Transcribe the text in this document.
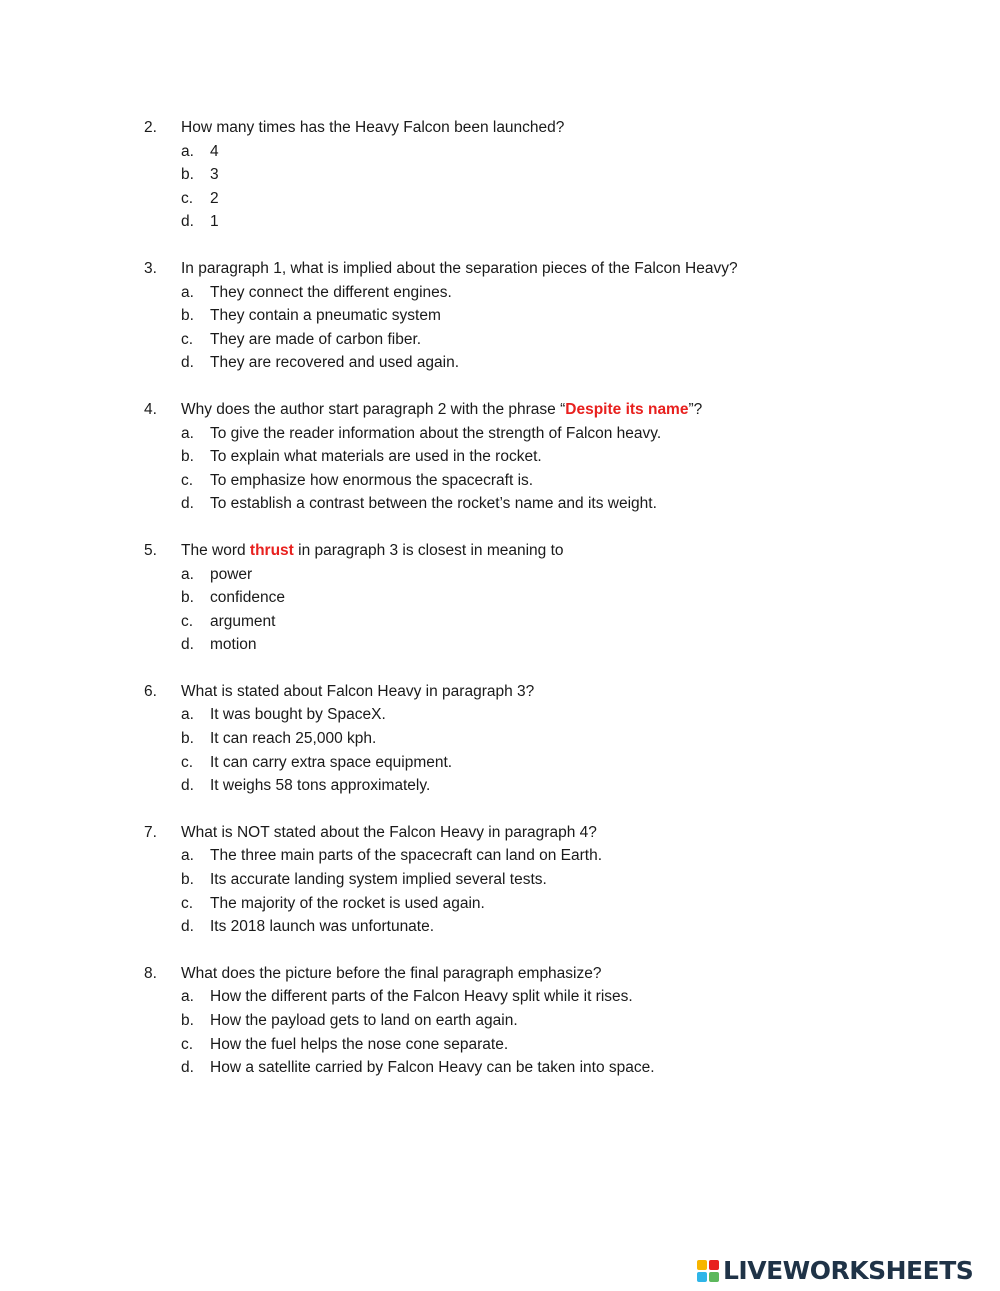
2.	How many times has the Heavy Falcon been launched?
a.	4
b.	3
c.	2
d.	1
3.	In paragraph 1, what is implied about the separation pieces of the Falcon Heavy?
a.	They connect the different engines.
b.	They contain a pneumatic system
c.	They are made of carbon fiber.
d.	They are recovered and used again.
4.	Why does the author start paragraph 2 with the phrase “Despite its name”?
a.	To give the reader information about the strength of Falcon heavy.
b.	To explain what materials are used in the rocket.
c.	To emphasize how enormous the spacecraft is.
d.	To establish a contrast between the rocket’s name and its weight.
5.	The word thrust in paragraph 3 is closest in meaning to
a.	power
b.	confidence
c.	argument
d.	motion
6.	What is stated about Falcon Heavy in paragraph 3?
a.	It was bought by SpaceX.
b.	It can reach 25,000 kph.
c.	It can carry extra space equipment.
d.	It weighs 58 tons approximately.
7.	What is NOT stated about the Falcon Heavy in paragraph 4?
a.	The three main parts of the spacecraft can land on Earth.
b.	Its accurate landing system implied several tests.
c.	The majority of the rocket is used again.
d.	Its 2018 launch was unfortunate.
8.	What does the picture before the final paragraph emphasize?
a.	How the different parts of the Falcon Heavy split while it rises.
b.	How the payload gets to land on earth again.
c.	How the fuel helps the nose cone separate.
d.	How a satellite carried by Falcon Heavy can be taken into space.
LIVEWORKSHEETS
